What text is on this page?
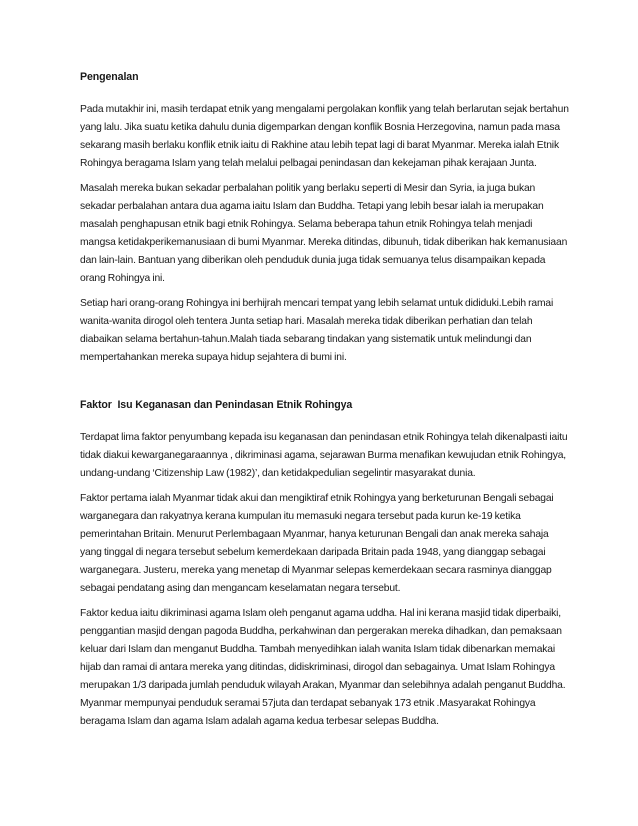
Pengenalan

Pada mutakhir ini, masih terdapat etnik yang mengalami pergolakan konflik yang telah berlarutan sejak bertahun yang lalu. Jika suatu ketika dahulu dunia digemparkan dengan konflik Bosnia Herzegovina, namun pada masa sekarang masih berlaku konflik etnik iaitu di Rakhine atau lebih tepat lagi di barat Myanmar. Mereka ialah Etnik Rohingya beragama Islam yang telah melalui pelbagai penindasan dan kekejaman pihak kerajaan Junta.

Masalah mereka bukan sekadar perbalahan politik yang berlaku seperti di Mesir dan Syria, ia juga bukan sekadar perbalahan antara dua agama iaitu Islam dan Buddha. Tetapi yang lebih besar ialah ia merupakan masalah penghapusan etnik bagi etnik Rohingya. Selama beberapa tahun etnik Rohingya telah menjadi mangsa ketidakperikemanusiaan di bumi Myanmar. Mereka ditindas, dibunuh, tidak diberikan hak kemanusiaan dan lain-lain. Bantuan yang diberikan oleh penduduk dunia juga tidak semuanya telus disampaikan kepada orang Rohingya ini.

Setiap hari orang-orang Rohingya ini berhijrah mencari tempat yang lebih selamat untuk dididuki.Lebih ramai wanita-wanita dirogol oleh tentera Junta setiap hari. Masalah mereka tidak diberikan perhatian dan telah diabaikan selama bertahun-tahun.Malah tiada sebarang tindakan yang sistematik untuk melindungi dan mempertahankan mereka supaya hidup sejahtera di bumi ini.

Faktor  Isu Keganasan dan Penindasan Etnik Rohingya

Terdapat lima faktor penyumbang kepada isu keganasan dan penindasan etnik Rohingya telah dikenalpasti iaitu tidak diakui kewarganegaraannya , dikriminasi agama, sejarawan Burma menafikan kewujudan etnik Rohingya, undang-undang ‘Citizenship Law (1982)’, dan ketidakpedulian segelintir masyarakat dunia.

Faktor pertama ialah Myanmar tidak akui dan mengiktiraf etnik Rohingya yang berketurunan Bengali sebagai warganegara dan rakyatnya kerana kumpulan itu memasuki negara tersebut pada kurun ke-19 ketika pemerintahan Britain. Menurut Perlembagaan Myanmar, hanya keturunan Bengali dan anak mereka sahaja yang tinggal di negara tersebut sebelum kemerdekaan daripada Britain pada 1948, yang dianggap sebagai warganegara. Justeru, mereka yang menetap di Myanmar selepas kemerdekaan secara rasminya dianggap sebagai pendatang asing dan mengancam keselamatan negara tersebut.

Faktor kedua iaitu dikriminasi agama Islam oleh penganut agama uddha. Hal ini kerana masjid tidak diperbaiki, penggantian masjid dengan pagoda Buddha, perkahwinan dan pergerakan mereka dihadkan, dan pemaksaan keluar dari Islam dan menganut Buddha. Tambah menyedihkan ialah wanita Islam tidak dibenarkan memakai hijab dan ramai di antara mereka yang ditindas, didiskriminasi, dirogol dan sebagainya. Umat Islam Rohingya merupakan 1/3 daripada jumlah penduduk wilayah Arakan, Myanmar dan selebihnya adalah penganut Buddha. Myanmar mempunyai penduduk seramai 57juta dan terdapat sebanyak 173 etnik .Masyarakat Rohingya beragama Islam dan agama Islam adalah agama kedua terbesar selepas Buddha.
